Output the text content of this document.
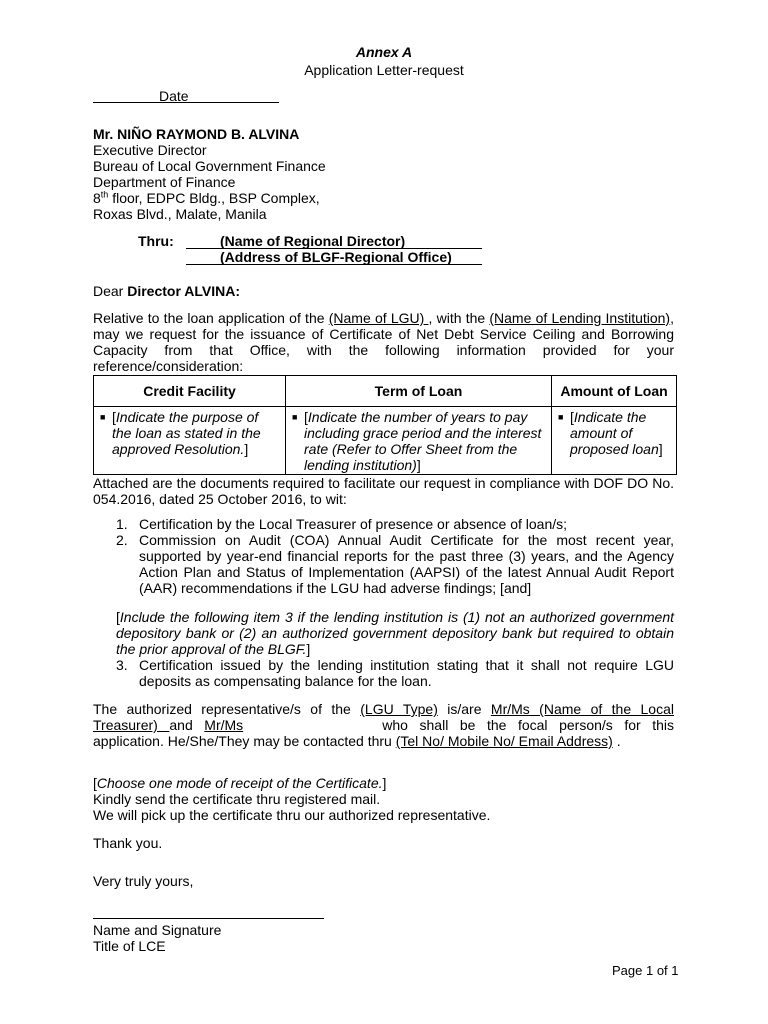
Annex A
Application Letter-request
Date
Mr. NIÑO RAYMOND B. ALVINA
Executive Director
Bureau of Local Government Finance
Department of Finance
8th floor, EDPC Bldg., BSP Complex,
Roxas Blvd., Malate, Manila
Thru:	(Name of Regional Director)
(Address of BLGF-Regional Office)
Dear Director ALVINA:
Relative to the loan application of the (Name of LGU) , with the (Name of Lending Institution), may we request for the issuance of Certificate of Net Debt Service Ceiling and Borrowing Capacity from that Office, with the following information provided for your reference/consideration:
Credit Facility	Term of Loan	Amount of Loan

■ [Indicate the purpose of the loan as stated in the approved Resolution.]	■ [Indicate the number of years to pay including grace period and the interest rate (Refer to Offer Sheet from the lending institution)]	■ [Indicate the amount of proposed loan]
Attached are the documents required to facilitate our request in compliance with DOF DO No. 054.2016, dated 25 October 2016, to wit:
1. Certification by the Local Treasurer of presence or absence of loan/s;
2. Commission on Audit (COA) Annual Audit Certificate for the most recent year, supported by year-end financial reports for the past three (3) years, and the Agency Action Plan and Status of Implementation (AAPSI) of the latest Annual Audit Report (AAR) recommendations if the LGU had adverse findings; [and]
[Include the following item 3 if the lending institution is (1) not an authorized government depository bank or (2) an authorized government depository bank but required to obtain the prior approval of the BLGF.]
3. Certification issued by the lending institution stating that it shall not require LGU deposits as compensating balance for the loan.
The authorized representative/s of the (LGU Type) is/are Mr/Ms (Name of the Local Treasurer) and Mr/Ms	who shall be the focal person/s for this application. He/She/They may be contacted thru (Tel No/ Mobile No/ Email Address) .
[Choose one mode of receipt of the Certificate.]
Kindly send the certificate thru registered mail.
We will pick up the certificate thru our authorized representative.
Thank you.
Very truly yours,
Name and Signature
Title of LCE
Page 1 of 1
